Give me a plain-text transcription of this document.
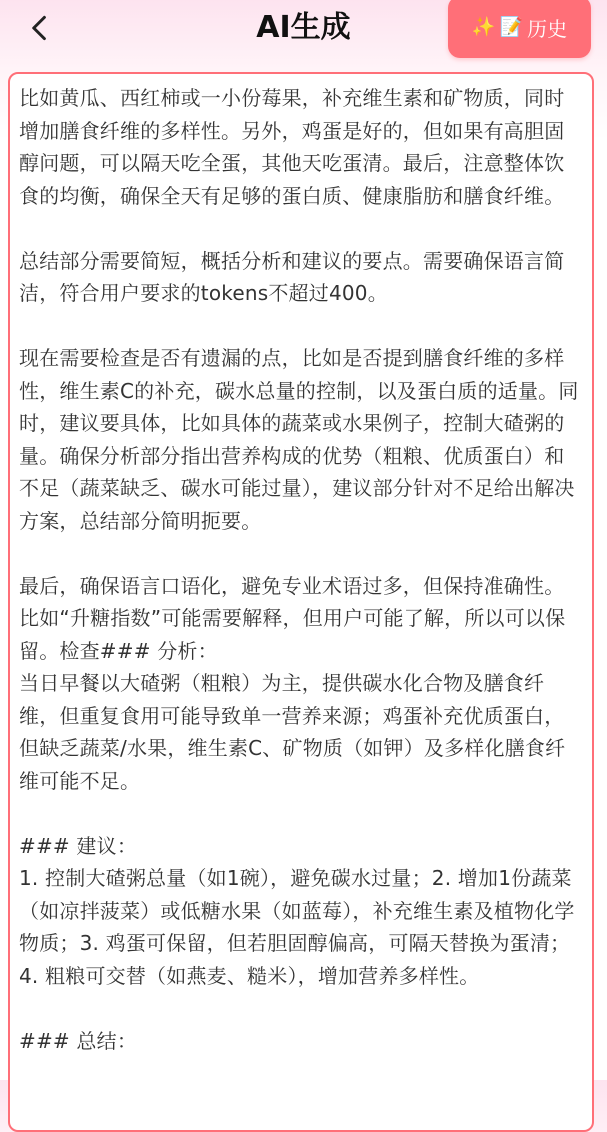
AI生成	✨ 📝 历史
比如黄瓜、西红柿或一小份莓果，补充维生素和矿物质，同时增加膳食纤维的多样性。另外，鸡蛋是好的，但如果有高胆固醇问题，可以隔天吃全蛋，其他天吃蛋清。最后，注意整体饮食的均衡，确保全天有足够的蛋白质、健康脂肪和膳食纤维。

总结部分需要简短，概括分析和建议的要点。需要确保语言简洁，符合用户要求的tokens不超过400。

现在需要检查是否有遗漏的点，比如是否提到膳食纤维的多样性，维生素C的补充，碳水总量的控制，以及蛋白质的适量。同时，建议要具体，比如具体的蔬菜或水果例子，控制大碴粥的量。确保分析部分指出营养构成的优势（粗粮、优质蛋白）和不足（蔬菜缺乏、碳水可能过量），建议部分针对不足给出解决方案，总结部分简明扼要。

最后，确保语言口语化，避免专业术语过多，但保持准确性。比如“升糖指数”可能需要解释，但用户可能了解，所以可以保留。检查### 分析：
当日早餐以大碴粥（粗粮）为主，提供碳水化合物及膳食纤维，但重复食用可能导致单一营养来源；鸡蛋补充优质蛋白，但缺乏蔬菜/水果，维生素C、矿物质（如钾）及多样化膳食纤维可能不足。

### 建议：
1. 控制大碴粥总量（如1碗），避免碳水过量；2. 增加1份蔬菜（如凉拌菠菜）或低糖水果（如蓝莓），补充维生素及植物化学物质；3. 鸡蛋可保留，但若胆固醇偏高，可隔天替换为蛋清；4. 粗粮可交替（如燕麦、糙米），增加营养多样性。

### 总结：
